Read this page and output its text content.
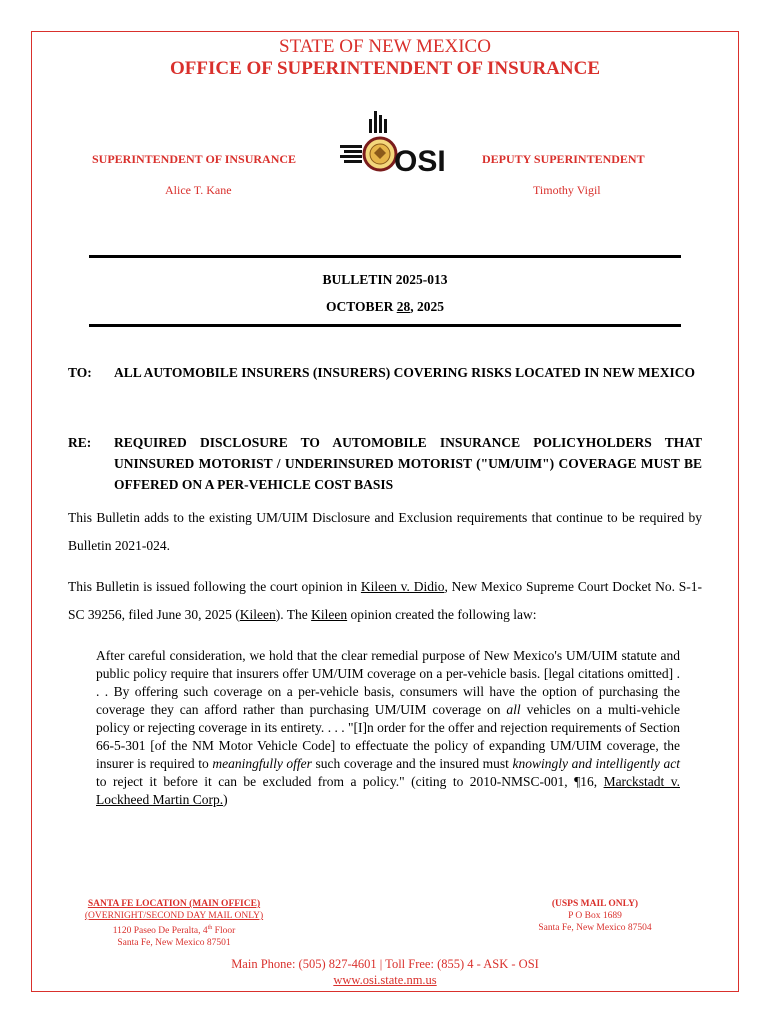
STATE OF NEW MEXICO
OFFICE OF SUPERINTENDENT OF INSURANCE
SUPERINTENDENT OF INSURANCE
Alice T. Kane
DEPUTY SUPERINTENDENT
Timothy Vigil
OSI
BULLETIN 2025-013
OCTOBER 28, 2025
TO: ALL AUTOMOBILE INSURERS (INSURERS) COVERING RISKS LOCATED IN NEW MEXICO
RE: REQUIRED DISCLOSURE TO AUTOMOBILE INSURANCE POLICYHOLDERS THAT UNINSURED MOTORIST / UNDERINSURED MOTORIST ("UM/UIM") COVERAGE MUST BE OFFERED ON A PER-VEHICLE COST BASIS
This Bulletin adds to the existing UM/UIM Disclosure and Exclusion requirements that continue to be required by Bulletin 2021-024.
This Bulletin is issued following the court opinion in Kileen v. Didio, New Mexico Supreme Court Docket No. S-1-SC 39256, filed June 30, 2025 (Kileen). The Kileen opinion created the following law:
After careful consideration, we hold that the clear remedial purpose of New Mexico's UM/UIM statute and public policy require that insurers offer UM/UIM coverage on a per-vehicle basis. [legal citations omitted] . . . By offering such coverage on a per-vehicle basis, consumers will have the option of purchasing the coverage they can afford rather than purchasing UM/UIM coverage on all vehicles on a multi-vehicle policy or rejecting coverage in its entirety. . . . "[I]n order for the offer and rejection requirements of Section 66-5-301 [of the NM Motor Vehicle Code] to effectuate the policy of expanding UM/UIM coverage, the insurer is required to meaningfully offer such coverage and the insured must knowingly and intelligently act to reject it before it can be excluded from a policy." (citing to 2010-NMSC-001, ¶16, Marckstadt v. Lockheed Martin Corp.)
SANTA FE LOCATION (MAIN OFFICE)
(OVERNIGHT/SECOND DAY MAIL ONLY)
1120 Paseo De Peralta, 4th Floor
Santa Fe, New Mexico 87501
(USPS MAIL ONLY)
P O Box 1689
Santa Fe, New Mexico 87504
Main Phone: (505) 827-4601 | Toll Free: (855) 4 - ASK - OSI
www.osi.state.nm.us
